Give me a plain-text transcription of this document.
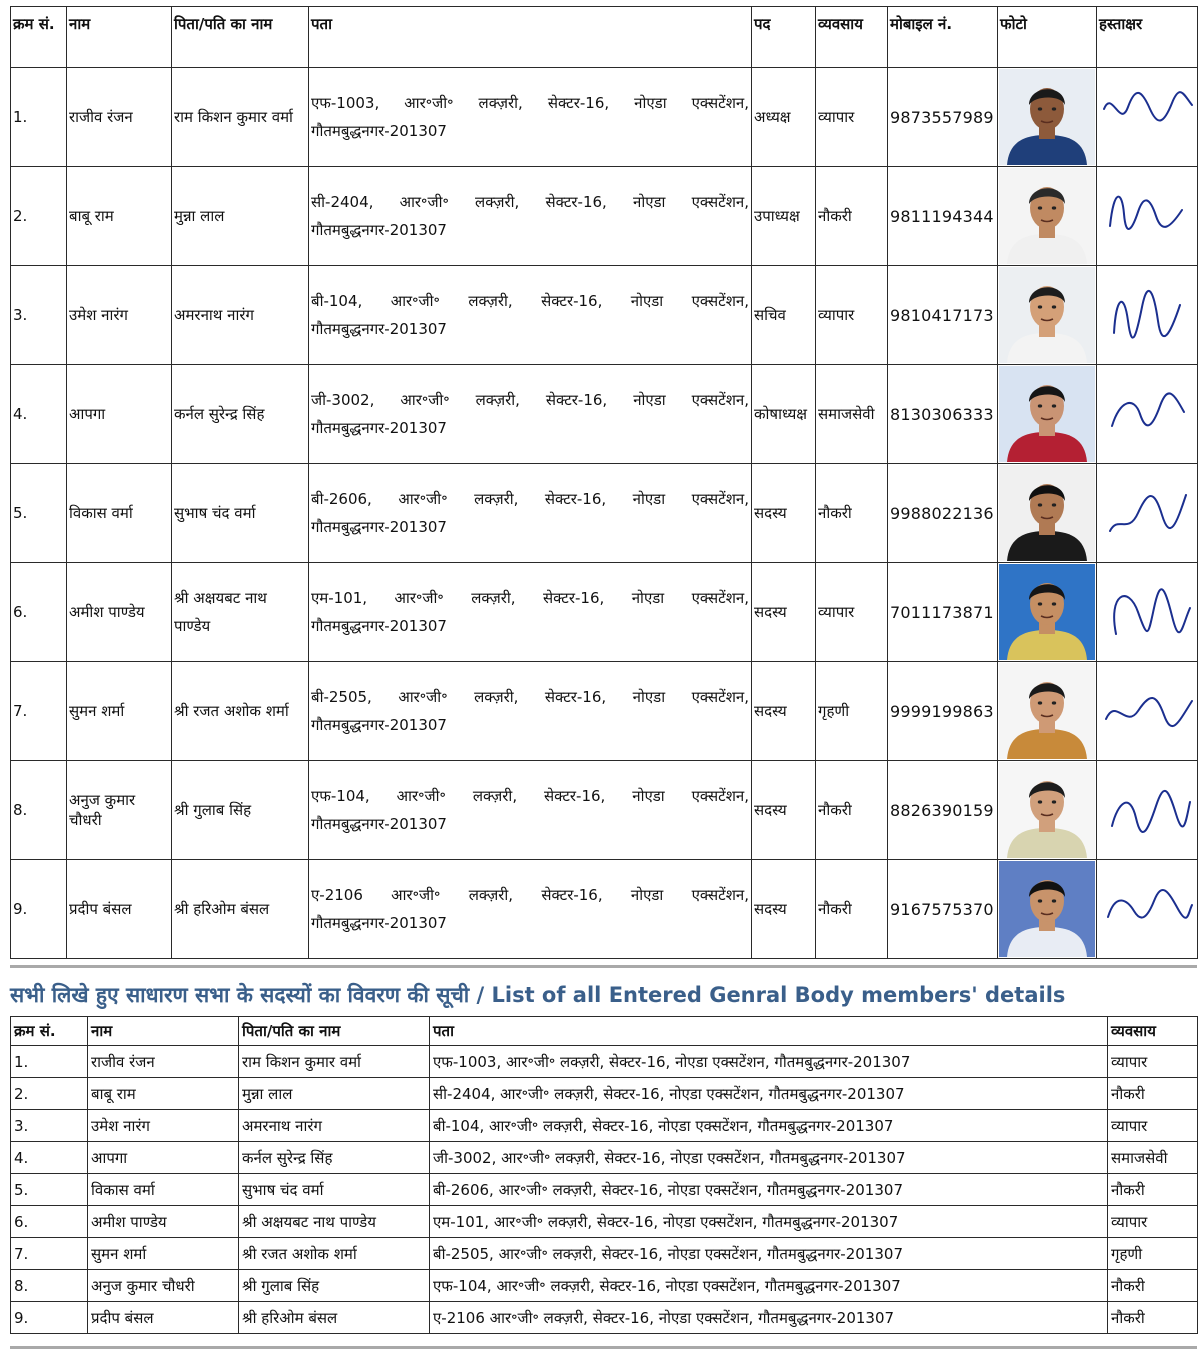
क्रम सं.	नाम	पिता/पति का नाम	पता	पद	व्यवसाय	मोबाइल नं.	फोटो	हस्ताक्षर
1.	राजीव रंजन	राम किशन कुमार वर्मा	एफ-1003, आर॰जी॰ लक्ज़री, सेक्टर-16, नोएडा एक्सटेंशन, गौतमबुद्धनगर-201307	अध्यक्ष	व्यापार	9873557989	

2.	बाबू राम	मुन्ना लाल	सी-2404, आर॰जी॰ लक्ज़री, सेक्टर-16, नोएडा एक्सटेंशन, गौतमबुद्धनगर-201307	उपाध्यक्ष	नौकरी	9811194344	

3.	उमेश नारंग	अमरनाथ नारंग	बी-104, आर॰जी॰ लक्ज़री, सेक्टर-16, नोएडा एक्सटेंशन, गौतमबुद्धनगर-201307	सचिव	व्यापार	9810417173	

4.	आपगा	कर्नल सुरेन्द्र सिंह	जी-3002, आर॰जी॰ लक्ज़री, सेक्टर-16, नोएडा एक्सटेंशन, गौतमबुद्धनगर-201307	कोषाध्यक्ष	समाजसेवी	8130306333	

5.	विकास वर्मा	सुभाष चंद वर्मा	बी-2606, आर॰जी॰ लक्ज़री, सेक्टर-16, नोएडा एक्सटेंशन, गौतमबुद्धनगर-201307	सदस्य	नौकरी	9988022136	

6.	अमीश पाण्डेय	श्री अक्षयबट नाथ पाण्डेय	एम-101, आर॰जी॰ लक्ज़री, सेक्टर-16, नोएडा एक्सटेंशन, गौतमबुद्धनगर-201307	सदस्य	व्यापार	7011173871	

7.	सुमन शर्मा	श्री रजत अशोक शर्मा	बी-2505, आर॰जी॰ लक्ज़री, सेक्टर-16, नोएडा एक्सटेंशन, गौतमबुद्धनगर-201307	सदस्य	गृहणी	9999199863	

8.	अनुज कुमार चौधरी	श्री गुलाब सिंह	एफ-104, आर॰जी॰ लक्ज़री, सेक्टर-16, नोएडा एक्सटेंशन, गौतमबुद्धनगर-201307	सदस्य	नौकरी	8826390159	

9.	प्रदीप बंसल	श्री हरिओम बंसल	ए-2106 आर॰जी॰ लक्ज़री, सेक्टर-16, नोएडा एक्सटेंशन, गौतमबुद्धनगर-201307	सदस्य	नौकरी	9167575370	

सभी लिखे हुए साधारण सभा के सदस्यों का विवरण की सूची / List of all Entered Genral Body members' details
क्रम सं.	नाम	पिता/पति का नाम	पता	व्यवसाय
1.	राजीव रंजन	राम किशन कुमार वर्मा	एफ-1003, आर॰जी॰ लक्ज़री, सेक्टर-16, नोएडा एक्सटेंशन, गौतमबुद्धनगर-201307	व्यापार
2.	बाबू राम	मुन्ना लाल	सी-2404, आर॰जी॰ लक्ज़री, सेक्टर-16, नोएडा एक्सटेंशन, गौतमबुद्धनगर-201307	नौकरी
3.	उमेश नारंग	अमरनाथ नारंग	बी-104, आर॰जी॰ लक्ज़री, सेक्टर-16, नोएडा एक्सटेंशन, गौतमबुद्धनगर-201307	व्यापार
4.	आपगा	कर्नल सुरेन्द्र सिंह	जी-3002, आर॰जी॰ लक्ज़री, सेक्टर-16, नोएडा एक्सटेंशन, गौतमबुद्धनगर-201307	समाजसेवी
5.	विकास वर्मा	सुभाष चंद वर्मा	बी-2606, आर॰जी॰ लक्ज़री, सेक्टर-16, नोएडा एक्सटेंशन, गौतमबुद्धनगर-201307	नौकरी
6.	अमीश पाण्डेय	श्री अक्षयबट नाथ पाण्डेय	एम-101, आर॰जी॰ लक्ज़री, सेक्टर-16, नोएडा एक्सटेंशन, गौतमबुद्धनगर-201307	व्यापार
7.	सुमन शर्मा	श्री रजत अशोक शर्मा	बी-2505, आर॰जी॰ लक्ज़री, सेक्टर-16, नोएडा एक्सटेंशन, गौतमबुद्धनगर-201307	गृहणी
8.	अनुज कुमार चौधरी	श्री गुलाब सिंह	एफ-104, आर॰जी॰ लक्ज़री, सेक्टर-16, नोएडा एक्सटेंशन, गौतमबुद्धनगर-201307	नौकरी
9.	प्रदीप बंसल	श्री हरिओम बंसल	ए-2106 आर॰जी॰ लक्ज़री, सेक्टर-16, नोएडा एक्सटेंशन, गौतमबुद्धनगर-201307	नौकरी
